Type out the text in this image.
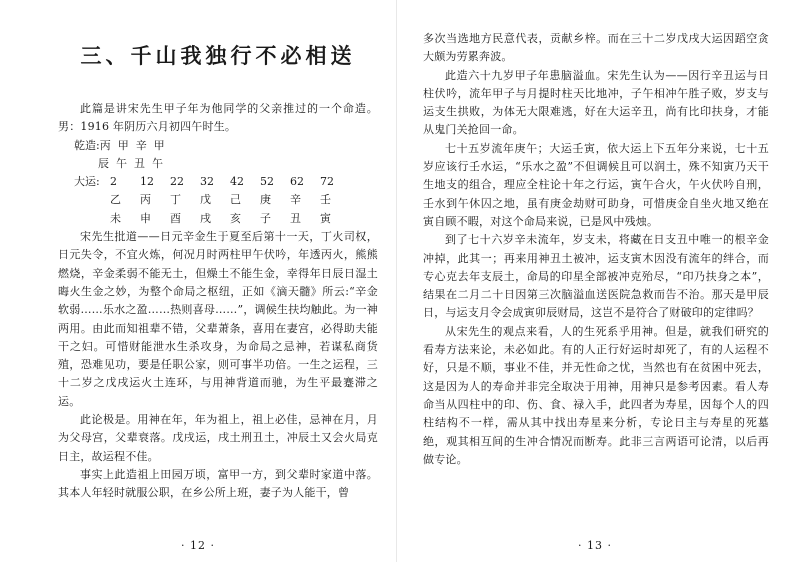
三、千山我独行不必相送

此篇是讲宋先生甲子年为他同学的父亲推过的一个命造。男：1916 年阴历六月初四午时生。

乾造:丙  甲  辛  甲
辰  午  丑  午
大运: 2	12	22	32	42	52	62	72
乙	丙	丁	戊	己	庚	辛	壬
未	申	酉	戌	亥	子	丑	寅

宋先生批道——日元辛金生于夏至后第十一天，丁火司权，日元失令，不宜火炼，何况月时两柱甲午伏吟，年透丙火，熊熊燃烧，辛金柔弱不能无土，但燥土不能生金，幸得年日辰日湿土晦火生金之妙，为整个命局之枢纽，正如《滴天髓》所云:“辛金软弱……乐水之盈……热则喜母……”，调候生扶均触此。为一神两用。由此而知祖辈不错，父辈萧条，喜用在妻宫，必得助夫能干之妇。可惜财能泄水生杀攻身，为命局之忌神，若谋私商货殖，恐难见功，要是任职公家，则可事半功倍。一生之运程，三十二岁之戊戌运火土连环，与用神背道而驰，为生平最蹇滞之运。

此论极是。用神在年，年为祖上，祖上必佳，忌神在月，月为父母宫，父辈衰落。戊戌运，戌土刑丑土，冲辰土又会火局克日主，故运程不佳。

事实上此造祖上田园万顷，富甲一方，到父辈时家道中落。其本人年轻时就服公职，在乡公所上班，妻子为人能干，曾

· 12 ·

多次当选地方民意代表，贡献乡梓。而在三十二岁戊戌大运因蹈空贪大颇为劳累奔波。

此造六十九岁甲子年患脑溢血。宋先生认为——因行辛丑运与日柱伏吟，流年甲子与月提时柱天比地冲，子午相冲午胜子败，岁支与运支生拱败，为体无大限难逃，好在大运辛丑，尚有比印扶身，才能从鬼门关抢回一命。

七十五岁流年庚午；大运壬寅，依大运上下五年分来说，七十五岁应该行壬水运，“乐水之盈”不但调候且可以润土，殊不知寅乃天干生地支的组合，理应全柱论十年之行运，寅午合火，午火伏吟自刑，壬水到午休囚之地，虽有庚金劫财可助身，可惜庚金自坐火地又绝在寅自顾不暇，对这个命局来说，已是风中残烛。

到了七十六岁辛未流年，岁支未，将藏在日支丑中唯一的根辛金冲掉，此其一；再来用神丑土被冲，运支寅木因没有流年的绊合，而专心克去年支辰土，命局的印星全部被冲克殆尽，“印乃扶身之本”，结果在二月二十日因第三次脑溢血送医院急救而告不治。那天是甲辰日，与运支月令会成寅卯辰财局，这岂不是符合了财破印的定律吗？

从宋先生的观点来看，人的生死系乎用神。但是，就我们研究的看寿方法来论，未必如此。有的人正行好运时却死了，有的人运程不好，只是不顺，事业不佳，并无性命之忧，当然也有在贫困中死去，这是因为人的寿命并非完全取决于用神，用神只是参考因素。看人寿命当从四柱中的印、伤、食、禄入手，此四者为寿星，因每个人的四柱结构不一样，需从其中找出寿星来分析，专论日主与寿星的死墓绝，观其相互间的生冲合情况而断寿。此非三言两语可论清，以后再做专论。

· 13 ·
